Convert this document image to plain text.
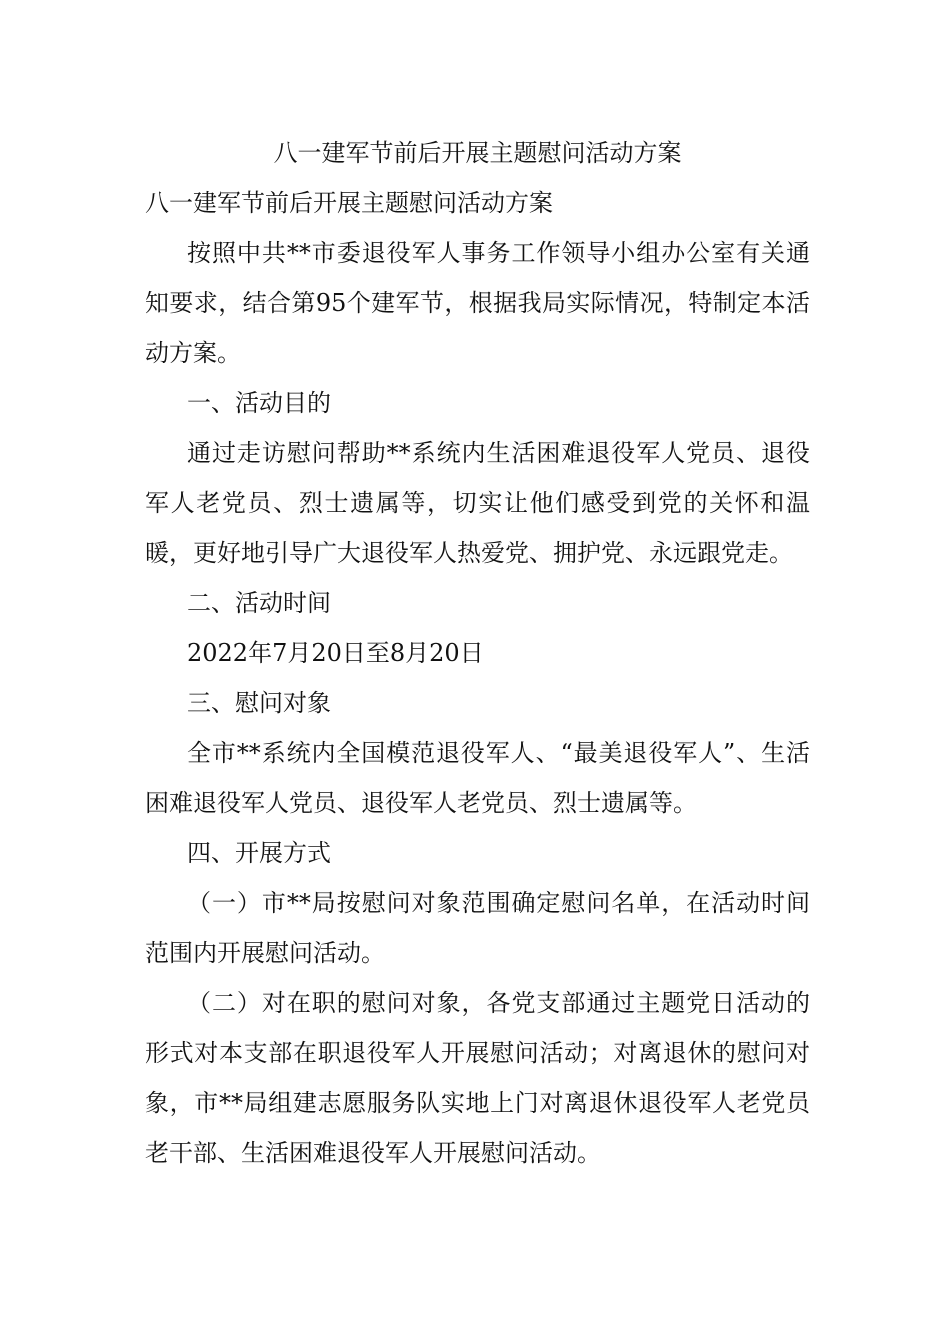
八一建军节前后开展主题慰问活动方案

八一建军节前后开展主题慰问活动方案

按照中共**市委退役军人事务工作领导小组办公室有关通知要求，结合第95个建军节，根据我局实际情况，特制定本活动方案。

一、活动目的

通过走访慰问帮助**系统内生活困难退役军人党员、退役军人老党员、烈士遗属等，切实让他们感受到党的关怀和温暖，更好地引导广大退役军人热爱党、拥护党、永远跟党走。

二、活动时间

2022年7月20日至8月20日

三、慰问对象

全市**系统内全国模范退役军人、“最美退役军人”、生活困难退役军人党员、退役军人老党员、烈士遗属等。

四、开展方式

（一）市**局按慰问对象范围确定慰问名单，在活动时间范围内开展慰问活动。

（二）对在职的慰问对象，各党支部通过主题党日活动的形式对本支部在职退役军人开展慰问活动；对离退休的慰问对象，市**局组建志愿服务队实地上门对离退休退役军人老党员老干部、生活困难退役军人开展慰问活动。
